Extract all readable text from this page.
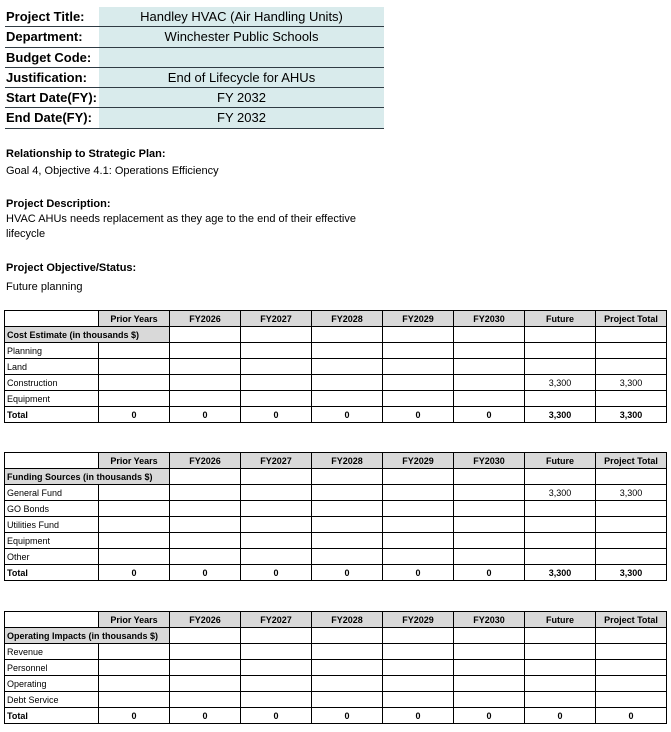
Project Title:	Handley HVAC (Air Handling Units)
Department:	Winchester Public Schools
Budget Code:
Justification:	End of Lifecycle for AHUs
Start Date(FY):	FY 2032
End Date(FY):	FY 2032
Relationship to Strategic Plan:
Goal 4, Objective 4.1: Operations Efficiency
Project Description:
HVAC AHUs needs replacement as they age to the end of their effective lifecycle
Project Objective/Status:
Future planning
	Prior Years	FY2026	FY2027	FY2028	FY2029	FY2030	Future	Project Total
Cost Estimate (in thousands $)								
Planning								
Land								
Construction							3,300	3,300
Equipment								
Total	0	0	0	0	0	0	3,300	3,300
	Prior Years	FY2026	FY2027	FY2028	FY2029	FY2030	Future	Project Total
Funding Sources (in thousands $)								
General Fund							3,300	3,300
GO Bonds								
Utilities Fund								
Equipment								
Other								
Total	0	0	0	0	0	0	3,300	3,300
	Prior Years	FY2026	FY2027	FY2028	FY2029	FY2030	Future	Project Total
Operating Impacts (in thousands $)								
Revenue								
Personnel								
Operating								
Debt Service								
Total	0	0	0	0	0	0	0	0
